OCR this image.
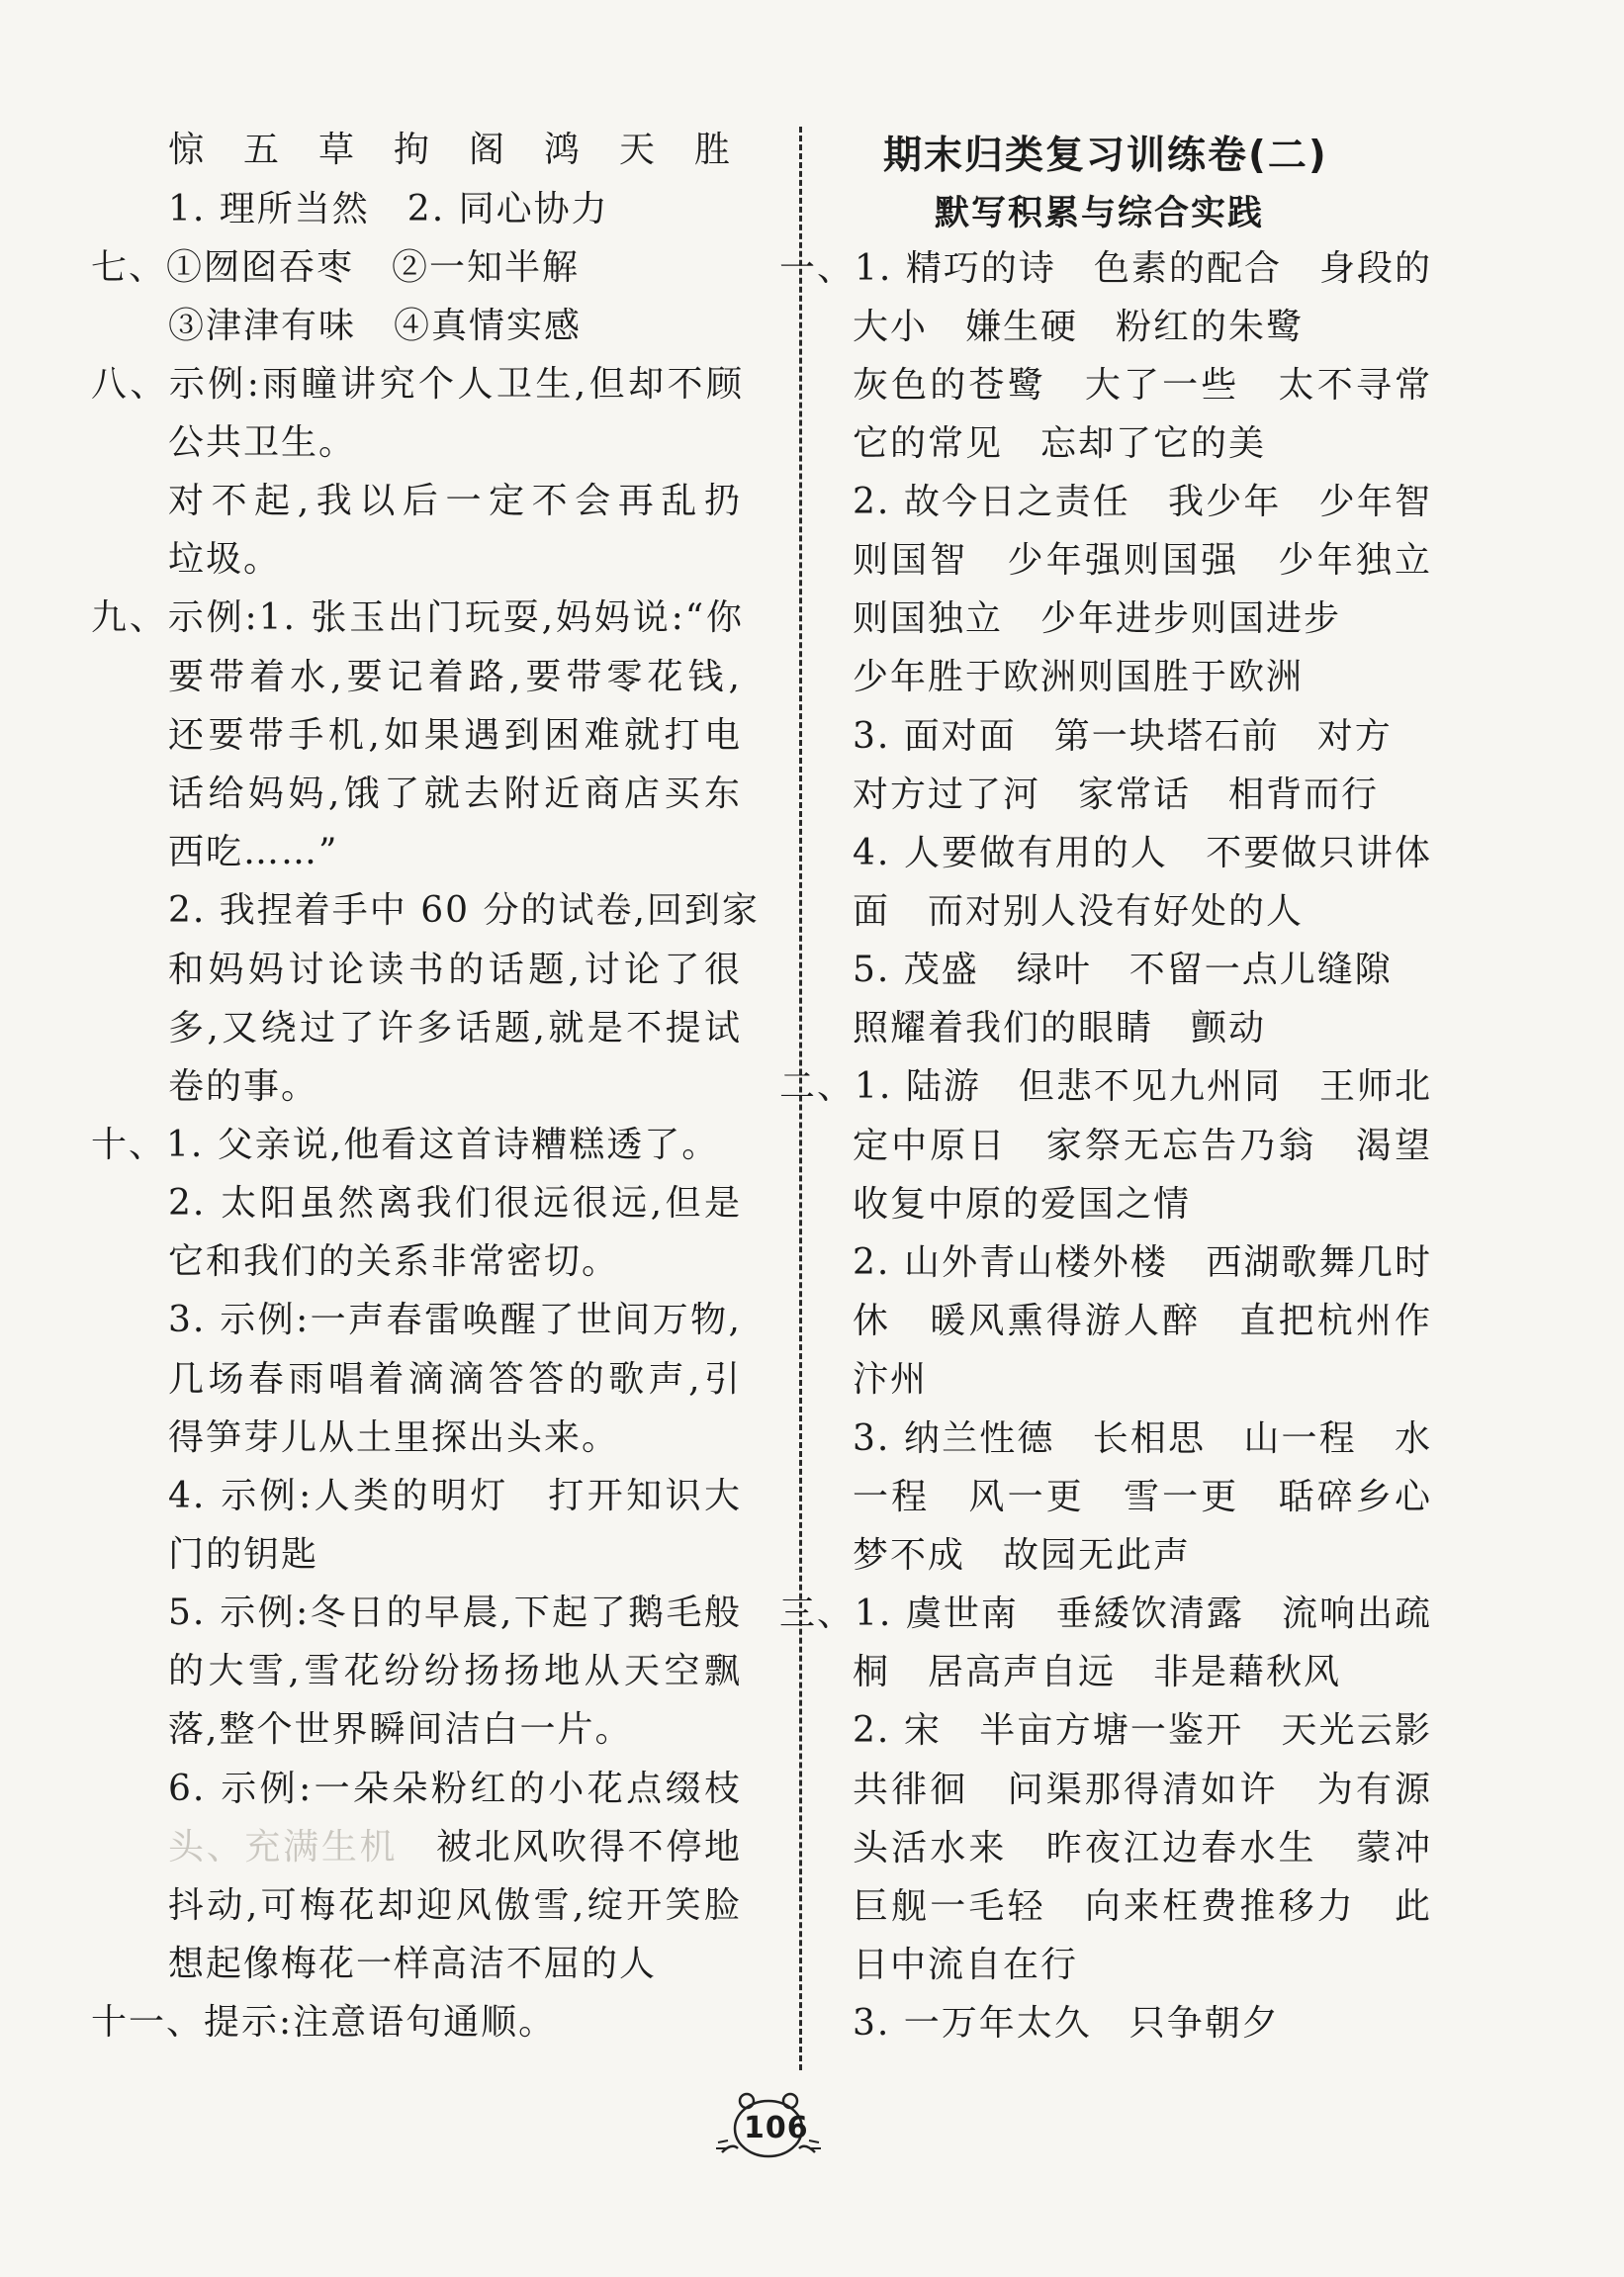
惊 五 草 拘 阁 鸿 天 胜
1. 理所当然　2. 同心协力
七、①囫囵吞枣　②一知半解
③津津有味　④真情实感
八、示例:雨瞳讲究个人卫生,但却不顾
公共卫生。
对不起,我以后一定不会再乱扔
垃圾。
九、示例:1. 张玉出门玩耍,妈妈说:“你
要带着水,要记着路,要带零花钱,
还要带手机,如果遇到困难就打电
话给妈妈,饿了就去附近商店买东
西吃……”
2. 我捏着手中 60 分的试卷,回到家
和妈妈讨论读书的话题,讨论了很
多,又绕过了许多话题,就是不提试
卷的事。
十、1. 父亲说,他看这首诗糟糕透了。
2. 太阳虽然离我们很远很远,但是
它和我们的关系非常密切。
3. 示例:一声春雷唤醒了世间万物,
几场春雨唱着滴滴答答的歌声,引
得笋芽儿从土里探出头来。
4. 示例:人类的明灯　打开知识大
门的钥匙
5. 示例:冬日的早晨,下起了鹅毛般
的大雪,雪花纷纷扬扬地从天空飘
落,整个世界瞬间洁白一片。
6. 示例:一朵朵粉红的小花点缀枝
头、充满生机　被北风吹得不停地
抖动,可梅花却迎风傲雪,绽开笑脸
想起像梅花一样高洁不屈的人
十一、提示:注意语句通顺。
期末归类复习训练卷(二)
默写积累与综合实践
一、1. 精巧的诗　色素的配合　身段的
大小　嫌生硬　粉红的朱鹭
灰色的苍鹭　大了一些　太不寻常
它的常见　忘却了它的美
2. 故今日之责任　我少年　少年智
则国智　少年强则国强　少年独立
则国独立　少年进步则国进步
少年胜于欧洲则国胜于欧洲
3. 面对面　第一块塔石前　对方
对方过了河　家常话　相背而行
4. 人要做有用的人　不要做只讲体
面　而对别人没有好处的人
5. 茂盛　绿叶　不留一点儿缝隙
照耀着我们的眼睛　颤动
二、1. 陆游　但悲不见九州同　王师北
定中原日　家祭无忘告乃翁　渴望
收复中原的爱国之情
2. 山外青山楼外楼　西湖歌舞几时
休　暖风熏得游人醉　直把杭州作
汴州
3. 纳兰性德　长相思　山一程　水
一程　风一更　雪一更　聒碎乡心
梦不成　故园无此声
三、1. 虞世南　垂緌饮清露　流响出疏
桐　居高声自远　非是藉秋风
2. 宋　半亩方塘一鉴开　天光云影
共徘徊　问渠那得清如许　为有源
头活水来　昨夜江边春水生　蒙冲
巨舰一毛轻　向来枉费推移力　此
日中流自在行
3. 一万年太久　只争朝夕
106
